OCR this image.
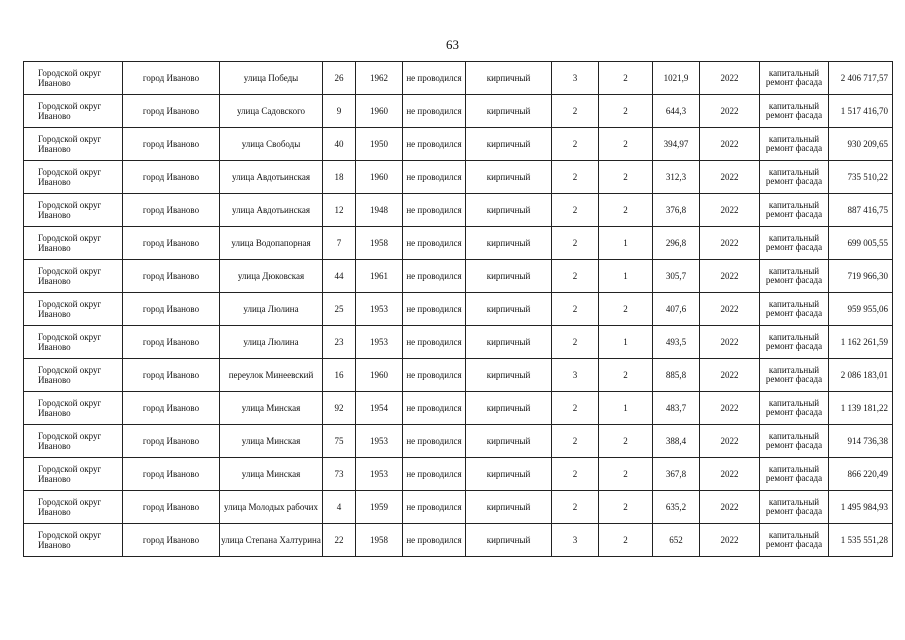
63
Городской округ Иваново	город Иваново	улица Победы	26	1962	не проводился	кирпичный	3	2	1021,9	2022	капитальный ремонт фасада	2 406 717,57
Городской округ Иваново	город Иваново	улица Садовского	9	1960	не проводился	кирпичный	2	2	644,3	2022	капитальный ремонт фасада	1 517 416,70
Городской округ Иваново	город Иваново	улица Свободы	40	1950	не проводился	кирпичный	2	2	394,97	2022	капитальный ремонт фасада	930 209,65
Городской округ Иваново	город Иваново	улица Авдотьинская	18	1960	не проводился	кирпичный	2	2	312,3	2022	капитальный ремонт фасада	735 510,22
Городской округ Иваново	город Иваново	улица Авдотьинская	12	1948	не проводился	кирпичный	2	2	376,8	2022	капитальный ремонт фасада	887 416,75
Городской округ Иваново	город Иваново	улица Водопапорная	7	1958	не проводился	кирпичный	2	1	296,8	2022	капитальный ремонт фасада	699 005,55
Городской округ Иваново	город Иваново	улица Дюковская	44	1961	не проводился	кирпичный	2	1	305,7	2022	капитальный ремонт фасада	719 966,30
Городской округ Иваново	город Иваново	улица Люлина	25	1953	не проводился	кирпичный	2	2	407,6	2022	капитальный ремонт фасада	959 955,06
Городской округ Иваново	город Иваново	улица Люлина	23	1953	не проводился	кирпичный	2	1	493,5	2022	капитальный ремонт фасада	1 162 261,59
Городской округ Иваново	город Иваново	переулок Минеевский	16	1960	не проводился	кирпичный	3	2	885,8	2022	капитальный ремонт фасада	2 086 183,01
Городской округ Иваново	город Иваново	улица Минская	92	1954	не проводился	кирпичный	2	1	483,7	2022	капитальный ремонт фасада	1 139 181,22
Городской округ Иваново	город Иваново	улица Минская	75	1953	не проводился	кирпичный	2	2	388,4	2022	капитальный ремонт фасада	914 736,38
Городской округ Иваново	город Иваново	улица Минская	73	1953	не проводился	кирпичный	2	2	367,8	2022	капитальный ремонт фасада	866 220,49
Городской округ Иваново	город Иваново	улица Молодых рабочих	4	1959	не проводился	кирпичный	2	2	635,2	2022	капитальный ремонт фасада	1 495 984,93
Городской округ Иваново	город Иваново	улица Степана Халтурина	22	1958	не проводился	кирпичный	3	2	652	2022	капитальный ремонт фасада	1 535 551,28
